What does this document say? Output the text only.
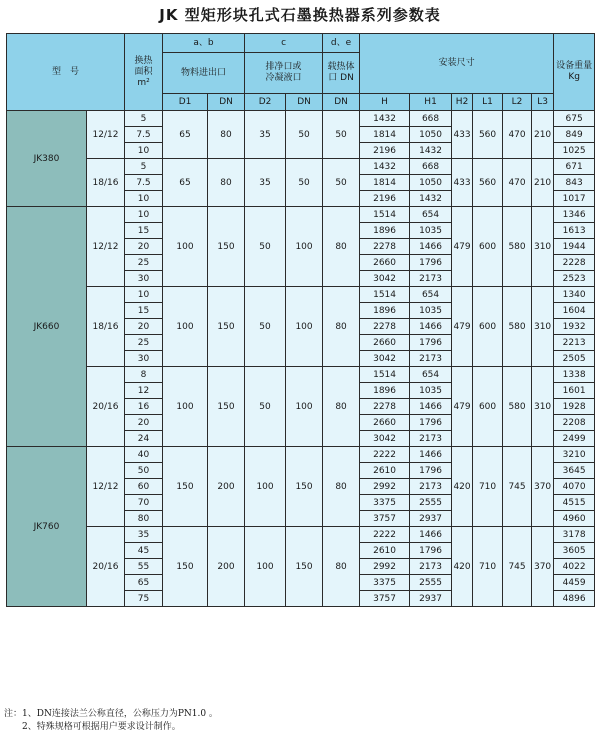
JK 型矩形块孔式石墨换热器系列参数表
型　号		换热
面积
m²	a、b		c		d、e	安装尺寸						设备重量
Kg
			物料进出口		排净口或
冷凝液口		载热体
口 DN							
			D1	DN	D2	DN	DN	H	H1	H2	L1	L2	L3	
JK380	12/12	5	65	80	35	50	50	1432	668	433	560	470	210	675
		7.5						1814	1050					849
		10						2196	1432					1025
	18/16	5	65	80	35	50	50	1432	668	433	560	470	210	671
		7.5						1814	1050					843
		10						2196	1432					1017
JK660	12/12	10	100	150	50	100	80	1514	654	479	600	580	310	1346
		15						1896	1035					1613
		20						2278	1466					1944
		25						2660	1796					2228
		30						3042	2173					2523
	18/16	10	100	150	50	100	80	1514	654	479	600	580	310	1340
		15						1896	1035					1604
		20						2278	1466					1932
		25						2660	1796					2213
		30						3042	2173					2505
	20/16	8	100	150	50	100	80	1514	654	479	600	580	310	1338
		12						1896	1035					1601
		16						2278	1466					1928
		20						2660	1796					2208
		24						3042	2173					2499
JK760	12/12	40	150	200	100	150	80	2222	1466	420	710	745	370	3210
		50						2610	1796					3645
		60						2992	2173					4070
		70						3375	2555					4515
		80						3757	2937					4960
	20/16	35	150	200	100	150	80	2222	1466	420	710	745	370	3178
		45						2610	1796					3605
		55						2992	2173					4022
		65						3375	2555					4459
		75						3757	2937					4896
注：1、DN连接法兰公称直径，公称压力为PN1.0 。
　　2、特殊规格可根据用户要求设计制作。
